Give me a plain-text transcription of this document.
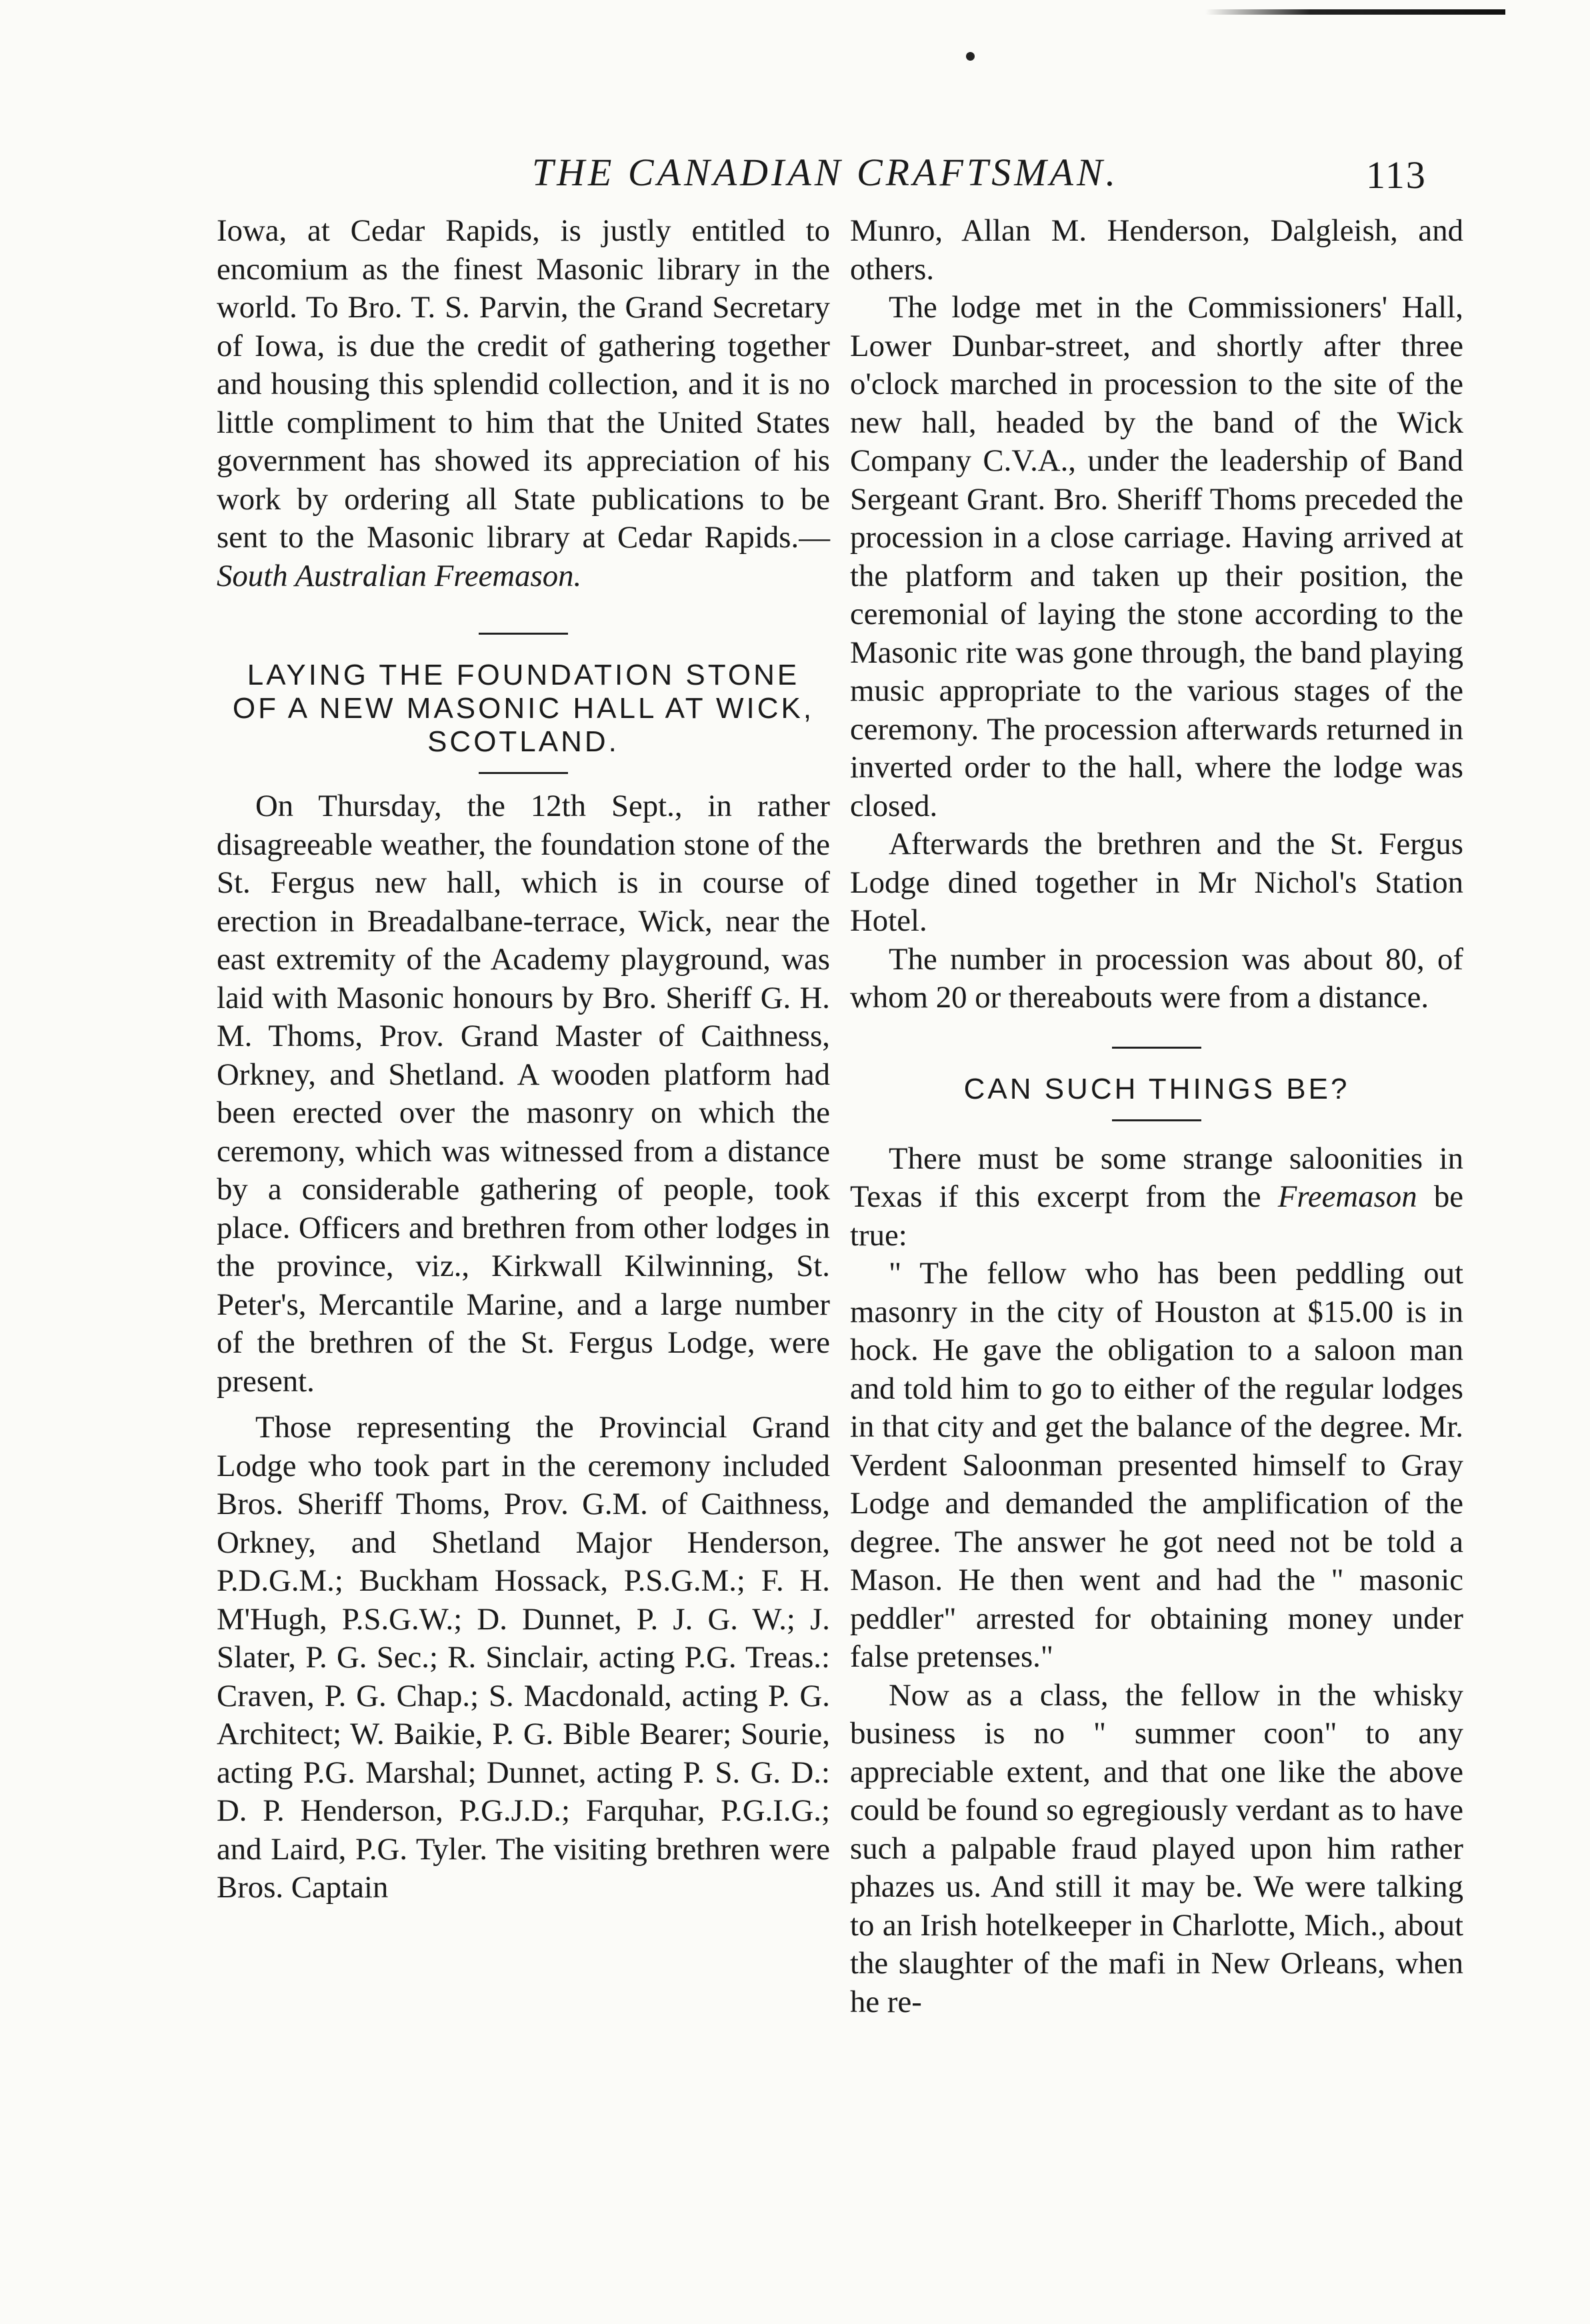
THE CANADIAN CRAFTSMAN.	113

Iowa, at Cedar Rapids, is justly entitled to encomium as the finest Masonic library in the world. To Bro. T. S. Parvin, the Grand Secretary of Iowa, is due the credit of gathering together and housing this splendid collection, and it is no little compliment to him that the United States government has showed its appreciation of his work by ordering all State publications to be sent to the Masonic library at Cedar Rapids.—South Australian Freemason.

LAYING THE FOUNDATION STONE OF A NEW MASONIC HALL AT WICK, SCOTLAND.

On Thursday, the 12th Sept., in rather disagreeable weather, the foundation stone of the St. Fergus new hall, which is in course of erection in Breadalbane-terrace, Wick, near the east extremity of the Academy playground, was laid with Masonic honours by Bro. Sheriff G. H. M. Thoms, Prov. Grand Master of Caithness, Orkney, and Shetland. A wooden platform had been erected over the masonry on which the ceremony, which was witnessed from a distance by a considerable gathering of people, took place. Officers and brethren from other lodges in the province, viz., Kirkwall Kilwinning, St. Peter's, Mercantile Marine, and a large number of the brethren of the St. Fergus Lodge, were present.

Those representing the Provincial Grand Lodge who took part in the ceremony included Bros. Sheriff Thoms, Prov. G.M. of Caithness, Orkney, and Shetland Major Henderson, P.D.G.M.; Buckham Hossack, P.S.G.M.; F. H. M'Hugh, P.S.G.W.; D. Dunnet, P. J. G. W.; J. Slater, P. G. Sec.; R. Sinclair, acting P.G. Treas.: Craven, P. G. Chap.; S. Macdonald, acting P. G. Architect; W. Baikie, P. G. Bible Bearer; Sourie, acting P.G. Marshal; Dunnet, acting P. S. G. D.: D. P. Henderson, P.G.J.D.; Farquhar, P.G.I.G.; and Laird, P.G. Tyler. The visiting brethren were Bros. Captain

Munro, Allan M. Henderson, Dalgleish, and others.

The lodge met in the Commissioners' Hall, Lower Dunbar-street, and shortly after three o'clock marched in procession to the site of the new hall, headed by the band of the Wick Company C.V.A., under the leadership of Band Sergeant Grant. Bro. Sheriff Thoms preceded the procession in a close carriage. Having arrived at the platform and taken up their position, the ceremonial of laying the stone according to the Masonic rite was gone through, the band playing music appropriate to the various stages of the ceremony. The procession afterwards returned in inverted order to the hall, where the lodge was closed.

Afterwards the brethren and the St. Fergus Lodge dined together in Mr Nichol's Station Hotel.

The number in procession was about 80, of whom 20 or thereabouts were from a distance.

CAN SUCH THINGS BE?

There must be some strange saloonities in Texas if this excerpt from the Freemason be true:

" The fellow who has been peddling out masonry in the city of Houston at $15.00 is in hock. He gave the obligation to a saloon man and told him to go to either of the regular lodges in that city and get the balance of the degree. Mr. Verdent Saloonman presented himself to Gray Lodge and demanded the amplification of the degree. The answer he got need not be told a Mason. He then went and had the " masonic peddler" arrested for obtaining money under false pretenses."

Now as a class, the fellow in the whisky business is no " summer coon" to any appreciable extent, and that one like the above could be found so egregiously verdant as to have such a palpable fraud played upon him rather phazes us. And still it may be. We were talking to an Irish hotelkeeper in Charlotte, Mich., about the slaughter of the mafi in New Orleans, when he re-
